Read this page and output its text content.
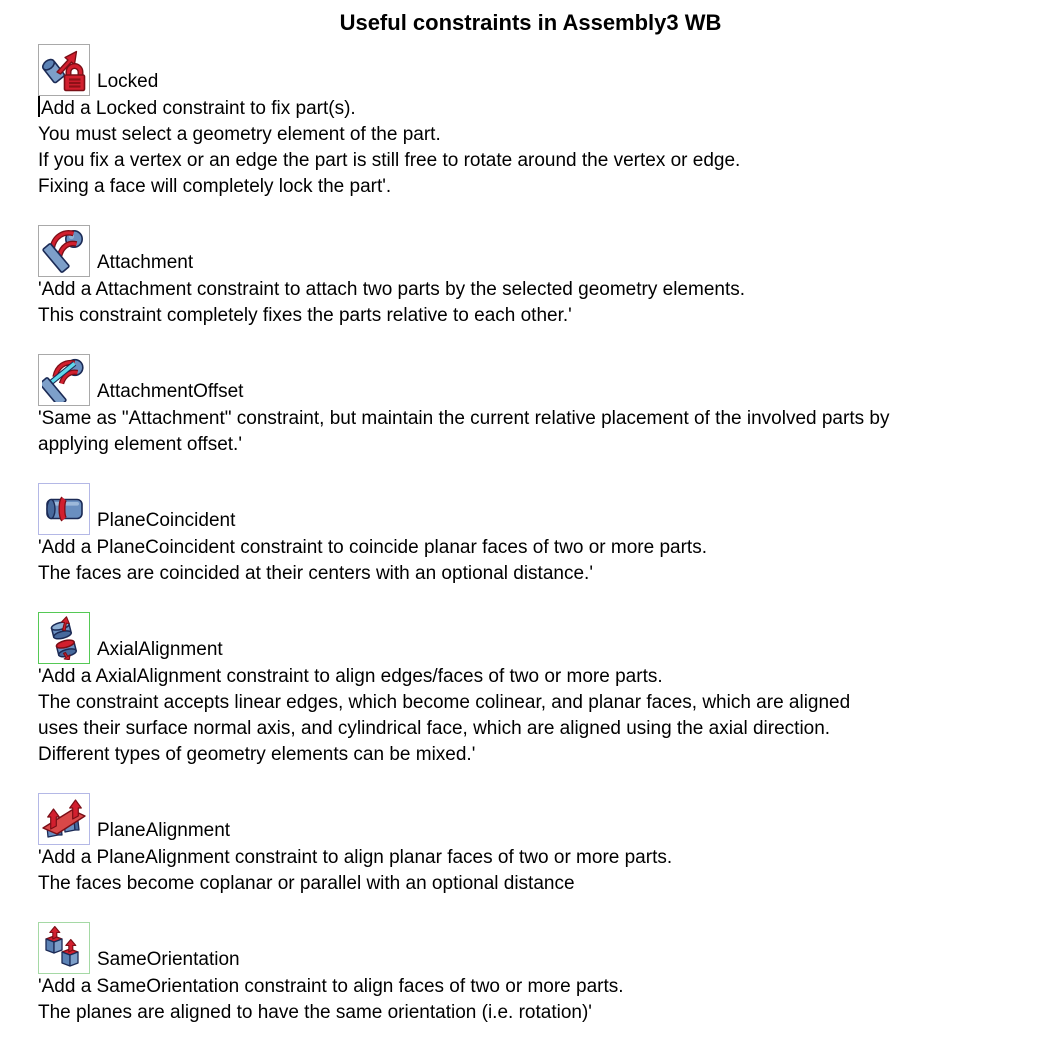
Useful constraints in Assembly3 WB
Locked
Add a Locked constraint to fix part(s).
You must select a geometry element of the part.
If you fix a vertex or an edge the part is still free to rotate around the vertex or edge.
Fixing a face will completely lock the part'.
Attachment
'Add a Attachment constraint to attach two parts by the selected geometry elements.
This constraint completely fixes the parts relative to each other.'
AttachmentOffset
'Same as "Attachment" constraint, but maintain the current relative placement of the involved parts by
applying element offset.'
PlaneCoincident
'Add a PlaneCoincident constraint to coincide planar faces of two or more parts.
The faces are coincided at their centers with an optional distance.'
AxialAlignment
'Add a AxialAlignment constraint to align edges/faces of two or more parts.
The constraint accepts linear edges, which become colinear, and planar faces, which are aligned
uses their surface normal axis, and cylindrical face, which are aligned using the axial direction.
Different types of geometry elements can be mixed.'
PlaneAlignment
'Add a PlaneAlignment constraint to align planar faces of two or more parts.
The faces become coplanar or parallel with an optional distance
SameOrientation
'Add a SameOrientation constraint to align faces of two or more parts.
The planes are aligned to have the same orientation (i.e. rotation)'
